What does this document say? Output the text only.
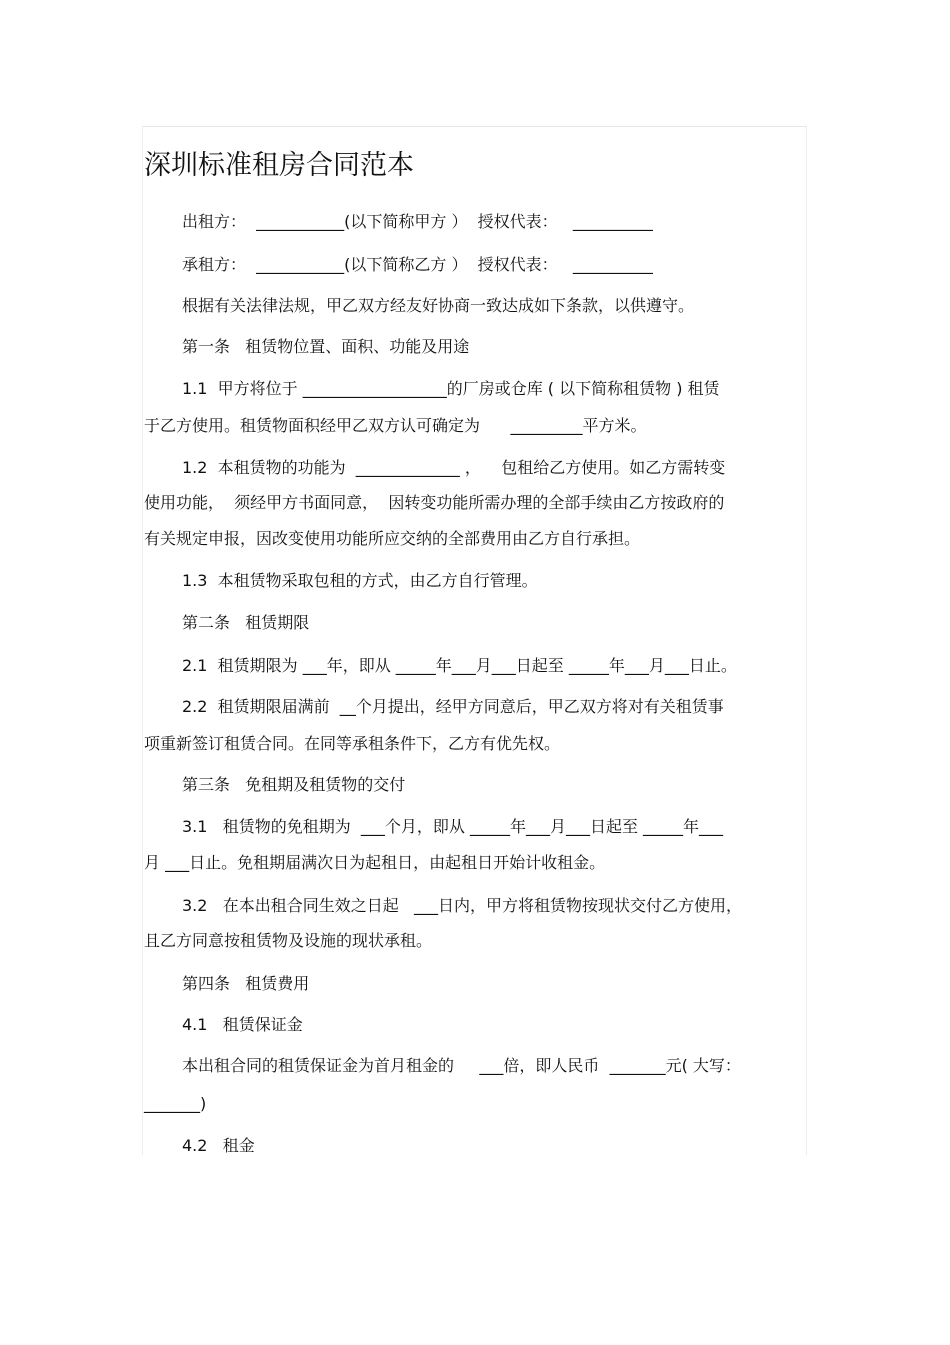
深圳标准租房合同范本
出租方：  ___________(以下简称甲方 ）  授权代表：   __________
承租方：  ___________(以下简称乙方 ）  授权代表：   __________
根据有关法律法规，甲乙双方经友好协商一致达成如下条款，以供遵守。
第一条   租赁物位置、面积、功能及用途
1.1  甲方将位于 __________________的厂房或仓库 ( 以下简称租赁物 ) 租赁
于乙方使用。租赁物面积经甲乙双方认可确定为      _________平方米。
1.2  本租赁物的功能为  _____________ ，    包租给乙方使用。如乙方需转变
使用功能，  须经甲方书面同意，  因转变功能所需办理的全部手续由乙方按政府的
有关规定申报，因改变使用功能所应交纳的全部费用由乙方自行承担。
1.3  本租赁物采取包租的方式，由乙方自行管理。
第二条   租赁期限
2.1  租赁期限为 ___年，即从 _____年___月___日起至 _____年___月___日止。
2.2  租赁期限届满前  __个月提出，经甲方同意后，甲乙双方将对有关租赁事
项重新签订租赁合同。在同等承租条件下，乙方有优先权。
第三条   免租期及租赁物的交付
3.1   租赁物的免租期为  ___个月，即从 _____年___月___日起至 _____年___
月 ___日止。免租期届满次日为起租日，由起租日开始计收租金。
3.2   在本出租合同生效之日起   ___日内，甲方将租赁物按现状交付乙方使用，
且乙方同意按租赁物及设施的现状承租。
第四条   租赁费用
4.1   租赁保证金
本出租合同的租赁保证金为首月租金的     ___倍，即人民币  _______元( 大写：
_______)
4.2   租金
